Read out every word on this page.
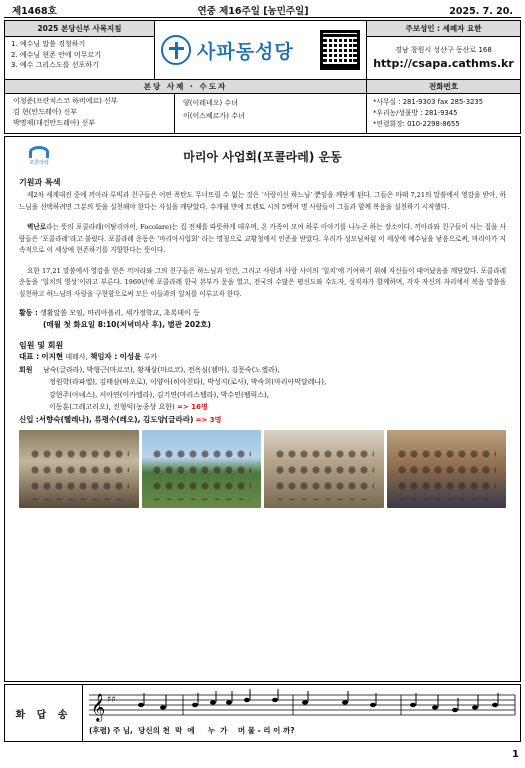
제1468호	연중 제16주일 [농민주일]	2025. 7. 20.
2025 본당신부 사목지침
1. 예수님 말씀 경청하기
2. 예수님 현존 안에 머무르기
3. 예수 그리스도를 선포하기
사파동성당
주보성인 : 세례자 요한
경남 창원시 성산구 동산로 168
http://csapa.cathms.kr
본당 사제 · 수도자
이청준(프란치스코 하비에르) 신부
김 현(안드레아) 신부
박명제(대건안드레아) 신부
양(이레네오) 수녀
이(이스베르가) 수녀
전화번호
*사무실 : 281-9303 fax 285-3235
*우리농/성물방 : 281-9345
*연령회장: 010-2298-8655
포콜라레	마리아 사업회(포콜라레) 운동
기원과 특색

제2차 세계대전 중에 끼아라 루빅과 친구들은 어떤 폭탄도 무너뜨릴 수 없는 것은 ‘사랑이신 하느님’ 뿐임을 깨닫게 된다. 그들은 마태 7,21의 말씀에서 영감을 받아, 하느님을 선택하려면 그분의 뜻을 실천해야 한다는 사실을 깨닫았다. 수개월 만에 트렌토 시의 5백여 명 사람들이 그들과 함께 복음을 실천하기 시작했다.

벽난로라는 뜻의 포콜라레(이탈리아어, Focolare)는 집 전체를 따뜻하게 데우며, 온 가족이 모여 하루 이야기를 나누곤 하는 장소이다. 끼아라와 친구들이 사는 집을 사람들은 ‘포콜라레’라고 불렀다. 포콜라레 운동은 ‘마리아사업회’ 라는 명칭으로 교황청에서 인준을 받았다. 우리가 성모님처럼 이 세상에 예수님을 낳음으로써, 마리아가 지속적으로 이 세상에 현존하기를 지향한다는 뜻이다.

요한 17,21 말씀에서 영감을 얻은 끼아라와 그의 친구들은 하느님과 인간, 그리고 사람과 사람 사이의 ‘일치’에 기여하기 위해 자신들이 태어났음을 깨닫았다. 포콜라레 운동을 ‘일치의 영성’이라고 부른다. 1969년에 포콜라레 한국 본부가 문을 열고, 전국의 수많은 평신도와 수도자, 성직자가 함께하며, 각자 자신의 자리에서 복음 말씀을 실천하고 하느님의 사랑을 구현함으로써 모든 이들과의 일치를 이루고자 한다.

활동 : 생활말씀 모임, 마리아폴리, 세가정학교, 초록데이 등
(매월 첫 화요일 8:10(저녁미사 후), 별관 202호)
임원 및 회원
대표 : 이지현 데레사, 책임자 : 이성윤 루카
회원 남숙(글라라), 박형근(마르코), 황재삼(마르코), 전옥심(젬마), 김문숙(노엘라),
정원학(라파엘), 김태삼(바오로), 이양아(히야친타), 박성지(로사), 박숙희(마리아막달레나),
강현주(아녜스), 서아연(이카엘라), 김기연(마리스텔라), 박수민(펠릭스),
이동훈(그레고리오), 진형익(농종상 요한) => 16명
신입 :서향숙(헬레나), 류평수(레오), 김도양(글라라) => 3명
화 답 송 𝄞 ♯♯
(후렴) 주 님,  당신의 천  막  에     누  가    머 물 - 리 이 까?
1
